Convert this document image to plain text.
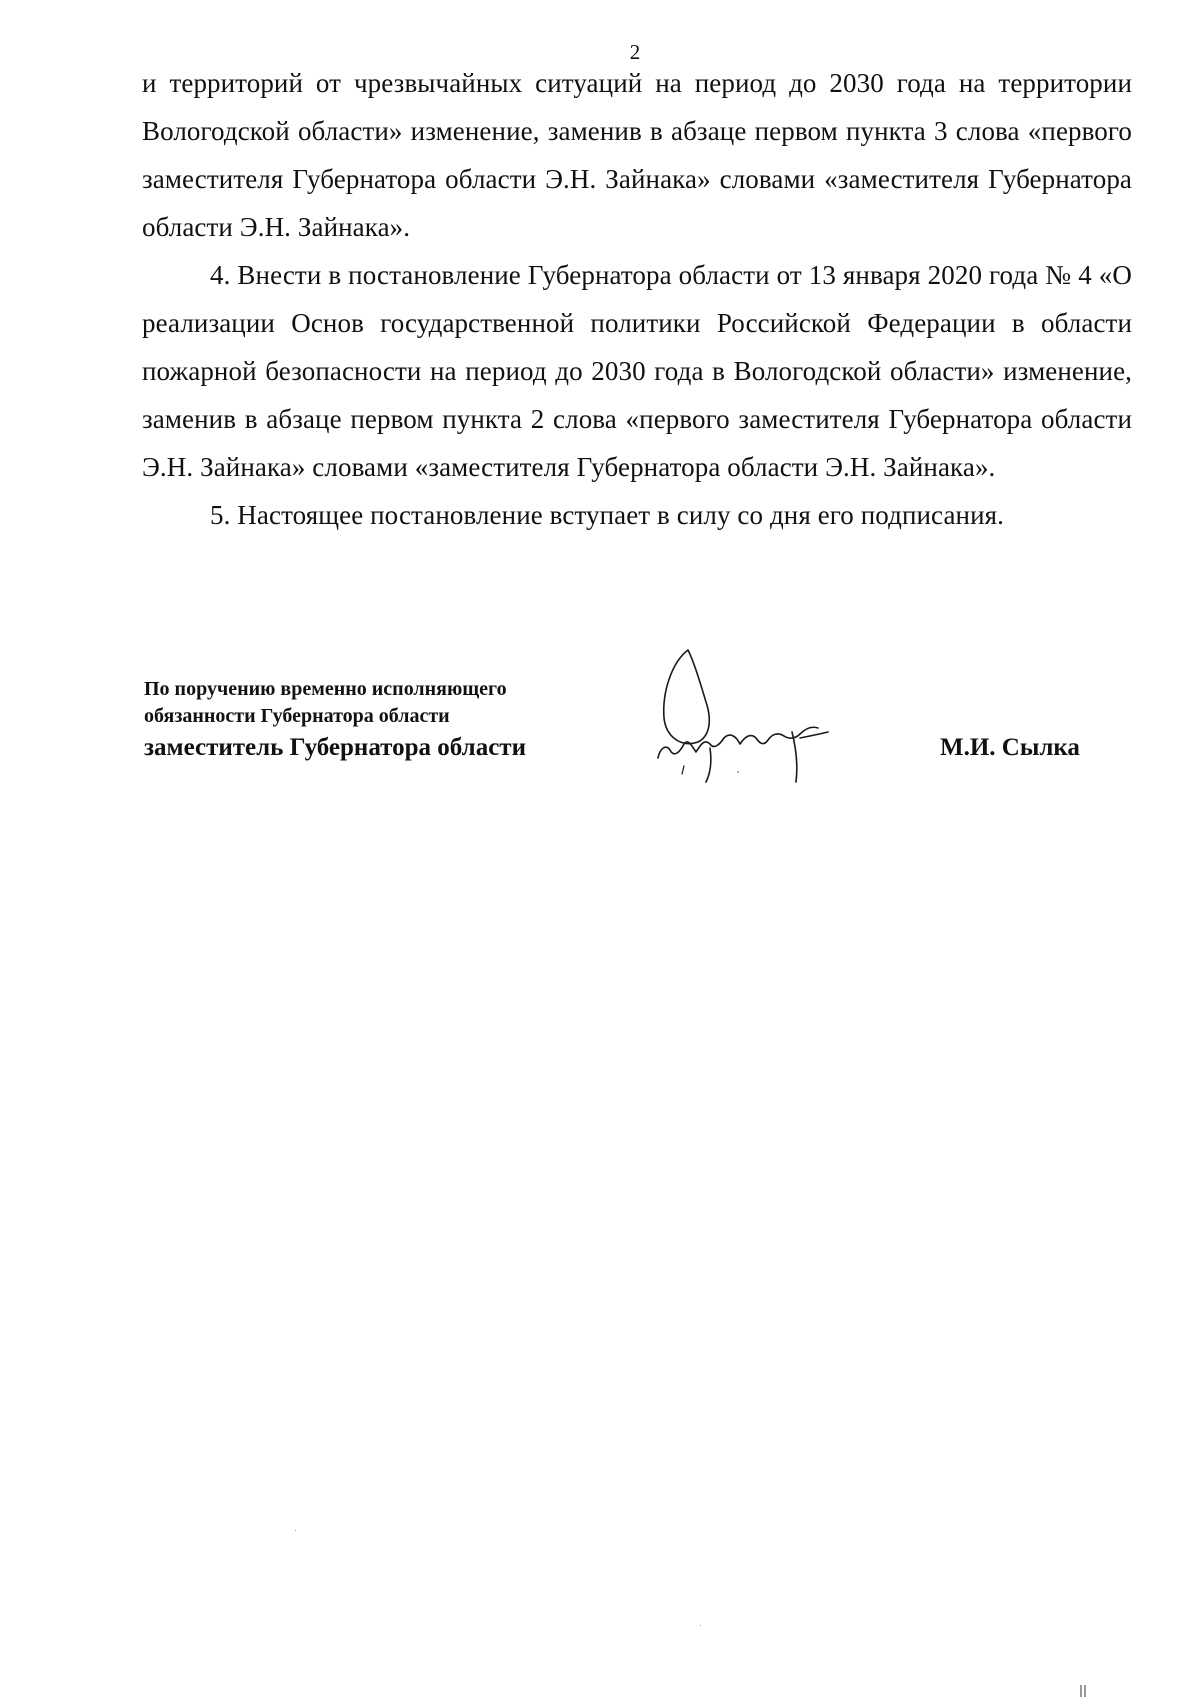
2

и территорий от чрезвычайных ситуаций на период до 2030 года на территории Вологодской области» изменение, заменив в абзаце первом пункта 3 слова «первого заместителя Губернатора области Э.Н. Зайнака» словами «заместителя Губернатора области Э.Н. Зайнака».

4. Внести в постановление Губернатора области от 13 января 2020 года № 4 «О реализации Основ государственной политики Российской Федерации в области пожарной безопасности на период до 2030 года в Вологодской области» изменение, заменив в абзаце первом пункта 2 слова «первого заместителя Губернатора области Э.Н. Зайнака» словами «заместителя Губернатора области Э.Н. Зайнака».

5. Настоящее постановление вступает в силу со дня его подписания.

По поручению временно исполняющего
обязанности Губернатора области
заместитель Губернатора области	М.И. Сылка
